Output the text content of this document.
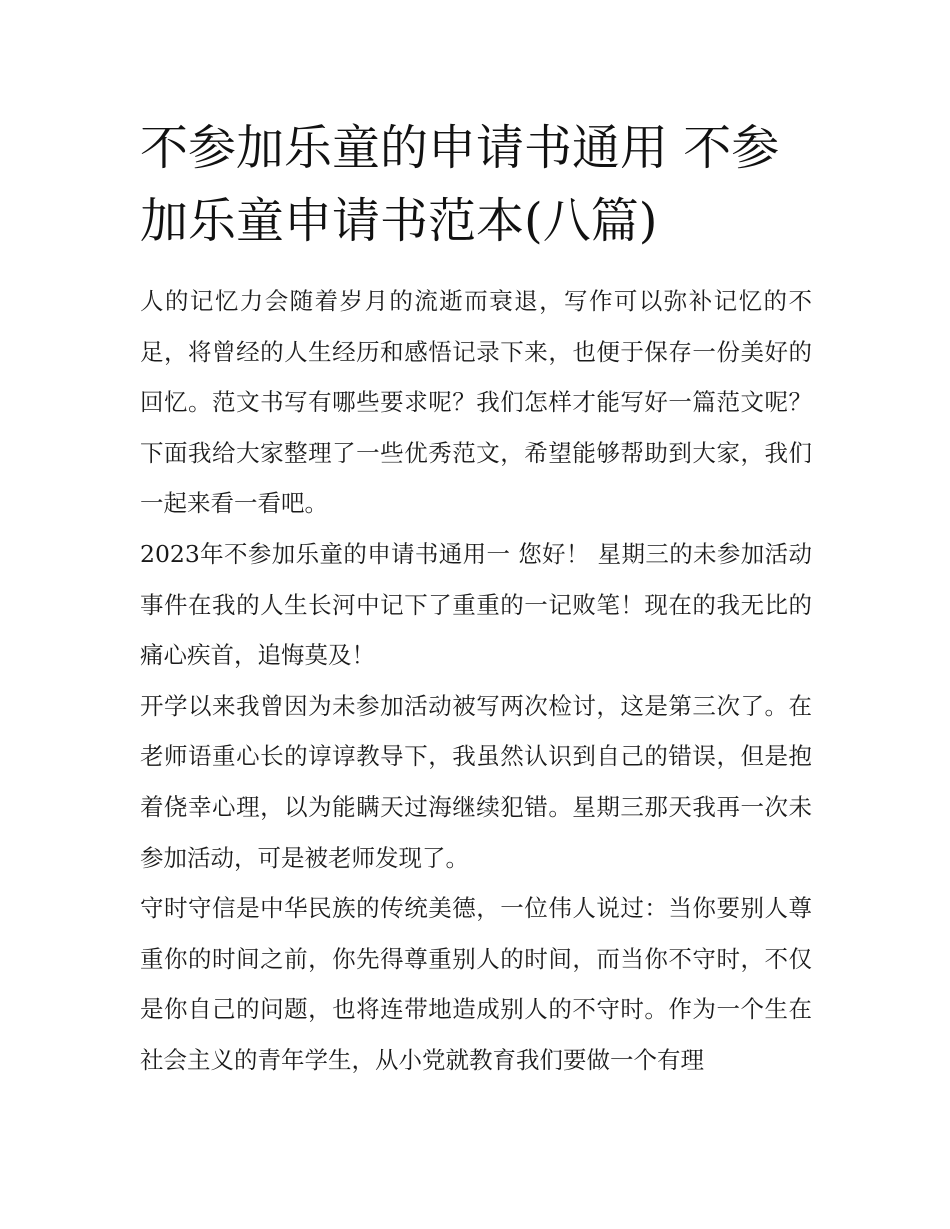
不参加乐童的申请书通用 不参加乐童申请书范本(八篇)

人的记忆力会随着岁月的流逝而衰退，写作可以弥补记忆的不足，将曾经的人生经历和感悟记录下来，也便于保存一份美好的回忆。范文书写有哪些要求呢？我们怎样才能写好一篇范文呢？下面我给大家整理了一些优秀范文，希望能够帮助到大家，我们一起来看一看吧。

2023年不参加乐童的申请书通用一 您好！ 星期三的未参加活动事件在我的人生长河中记下了重重的一记败笔！现在的我无比的痛心疾首，追悔莫及！

开学以来我曾因为未参加活动被写两次检讨，这是第三次了。在老师语重心长的谆谆教导下，我虽然认识到自己的错误，但是抱着侥幸心理，以为能瞒天过海继续犯错。星期三那天我再一次未参加活动，可是被老师发现了。

守时守信是中华民族的传统美德，一位伟人说过：当你要别人尊重你的时间之前，你先得尊重别人的时间，而当你不守时，不仅是你自己的问题，也将连带地造成别人的不守时。作为一个生在社会主义的青年学生，从小党就教育我们要做一个有理
